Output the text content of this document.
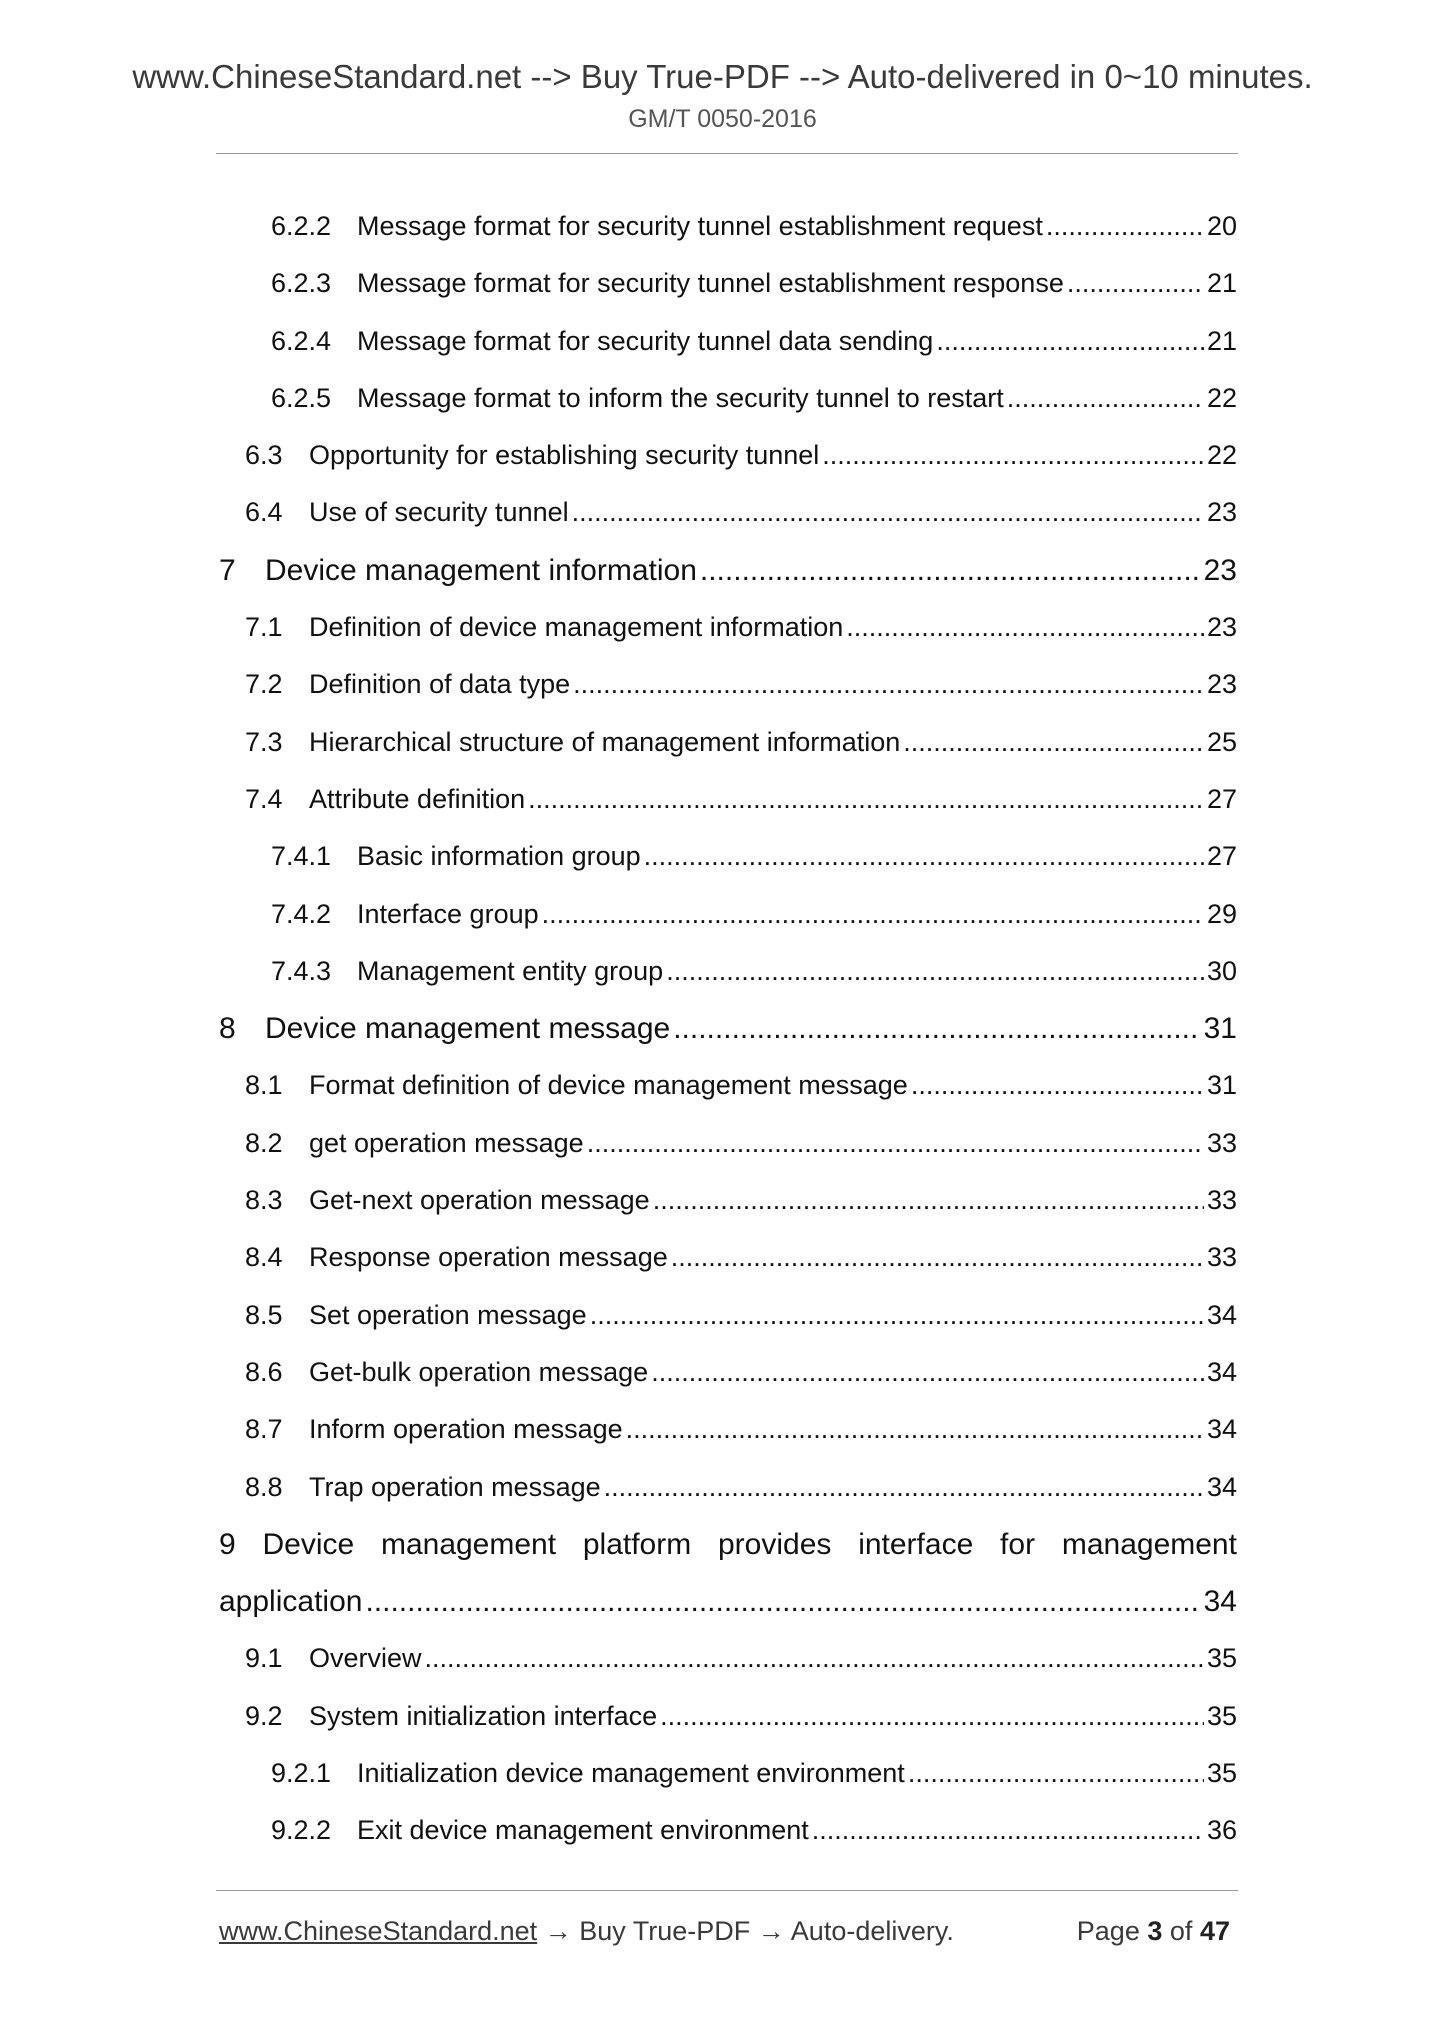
www.ChineseStandard.net --> Buy True-PDF --> Auto-delivered in 0~10 minutes.
GM/T 0050-2016
6.2.2 Message format for security tunnel establishment request .....	20
6.2.3 Message format for security tunnel establishment response .....	21
6.2.4 Message format for security tunnel data sending .....	21
6.2.5 Message format to inform the security tunnel to restart .....	22
6.3 Opportunity for establishing security tunnel .....	22
6.4 Use of security tunnel .....	23
7 Device management information .....	23
7.1 Definition of device management information .....	23
7.2 Definition of data type .....	23
7.3 Hierarchical structure of management information .....	25
7.4 Attribute definition .....	27
7.4.1 Basic information group .....	27
7.4.2 Interface group .....	29
7.4.3 Management entity group .....	30
8 Device management message .....	31
8.1 Format definition of device management message .....	31
8.2 get operation message .....	33
8.3 Get-next operation message .....	33
8.4 Response operation message .....	33
8.5 Set operation message .....	34
8.6 Get-bulk operation message .....	34
8.7 Inform operation message .....	34
8.8 Trap operation message .....	34
9 Device management platform provides interface for management
application .....	34
9.1 Overview .....	35
9.2 System initialization interface .....	35
9.2.1 Initialization device management environment .....	35
9.2.2 Exit device management environment .....	36
www.ChineseStandard.net → Buy True-PDF → Auto-delivery.	Page 3 of 47
